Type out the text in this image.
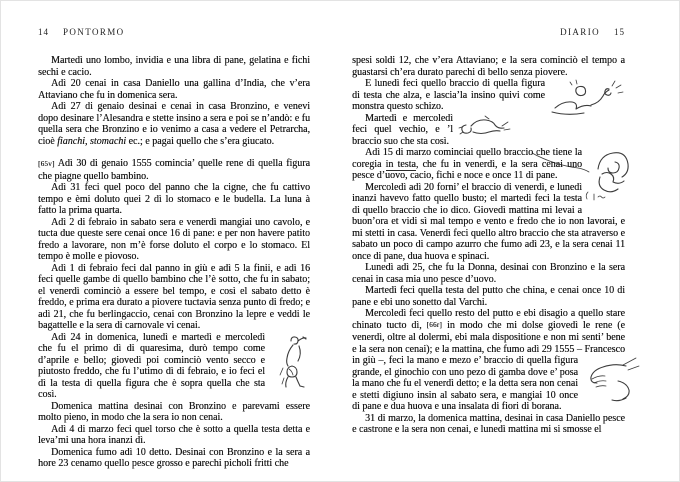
14 PONTORMO

Martedì uno lombo, invidia e una libra di pane, gelatina e fichi sechi e cacio.

Adì 20 cenai in casa Daniello una gallina d’India, che v’era Attaviano che fu in domenica sera.

Adì 27 di genaio desinai e cenai in casa Bronzino, e venevi dopo desinare l’Alesandra e stette insino a sera e poi se n’andò: e fu quella sera che Bronzino e io venimo a casa a vedere el Petrarcha, cioè fianchi, stomachi ec.; e pagai quello che s’era giucato.

[65v] Adì 30 di genaio 1555 comincia’ quelle rene di quella figura che piagne quello bambino.

Adì 31 feci quel poco del panno che la cigne, che fu cattivo tempo e èmi doluto quei 2 dì lo stomaco e le budella. La luna à fatto la prima quarta.

Adì 2 di febraio in sabato sera e venerdì mangiai uno cavolo, e tucta due queste sere cenai once 16 di pane: e per non havere patito fredo a lavorare, non m’è forse doluto el corpo e lo stomaco. El tempo è molle e piovoso.

Adì 1 di febraio feci dal panno in giù e adì 5 la finii, e adì 16 feci quelle gambe di quello bambino che l’è sotto, che fu in sabato; el venerdì cominciò a essere bel tempo, e così el sabato detto è freddo, e prima era durato a piovere tuctavia senza punto di fredo; e adì 21, che fu berlingaccio, cenai con Bronzino la lepre e veddi le bagattelle e la sera di carnovale vi cenai.

Adì 24 in domenica, lunedì e martedì e mercoledì che fu el primo dì di quaresima, durò tempo come d’aprile e bello; giovedì poi cominciò vento secco e piutosto freddo, che fu l’utimo dì di febraio, e io feci el dì la testa di quella figura che è sopra quella che sta così.

Domenica mattina desinai con Bronzino e parevami essere molto pieno, in modo che la sera io non cenai.

Adì 4 di marzo feci quel torso che è sotto a quella testa detta e leva’mi una hora inanzi dì.

Domenica fumo adì 10 detto. Desinai con Bronzino e la sera a hore 23 cenamo quello pesce grosso e parechi picholi fritti che

DIARIO 15

spesi soldi 12, che v’era Attaviano; e la sera cominciò el tempo a guastarsi ch’era durato parechi dì bello senza piovere.

E lunedì feci quello braccio di quella figura di testa che alza, e lascia’la insino quivi come monstra questo schizo.

Martedì e mercoledì feci quel vechio, e ’l braccio suo che sta così.

Adì 15 di marzo cominciai quello braccio che tiene la coregia in testa, che fu in venerdì, e la sera cenai uno pesce d’uovo, cacio, fichi e noce e once 11 di pane.

Mercoledì adì 20 forni’ el braccio di venerdì, e lunedì inanzi havevo fatto quello busto; el martedì feci la testa di quello braccio che io dico. Giovedì mattina mi levai a buon’ora et vidi sì mal tempo e vento e fredo che io non lavorai, e mi stetti in casa. Venerdì feci quello altro braccio che sta atraverso e sabato un poco di campo azurro che fumo adì 23, e la sera cenai 11 once di pane, dua huova e spinaci.

Lunedì adì 25, che fu la Donna, desinai con Bronzino e la sera cenai in casa mia uno pesce d’uovo.

Martedì feci quella testa del putto che china, e cenai once 10 di pane e ebi uno sonetto dal Varchi.

Mercoledì feci quello resto del putto e ebi disagio a quello stare chinato tucto dì, [66r] in modo che mi dolse giovedì le rene (e venerdì, oltre al dolermi, ebi mala dispositione e non mi senti’ bene e la sera non cenai); e la mattina, che fumo adì 29 1555 – Francesco in giù –, feci la mano e mezo e’ braccio di quella
figura grande, el ginochio con uno pezo di gamba dove e’ posa la mano che fu el venerdì detto; e la detta sera non cenai e stetti digiuno insin al sabato sera, e mangiai 10 once di pane e dua huova e una insalata di fiori di borana.

31 di marzo, la domenica mattina, desinai in casa Daniello pesce e castrone e la sera non cenai, e lunedì mattina mi si smosse el
